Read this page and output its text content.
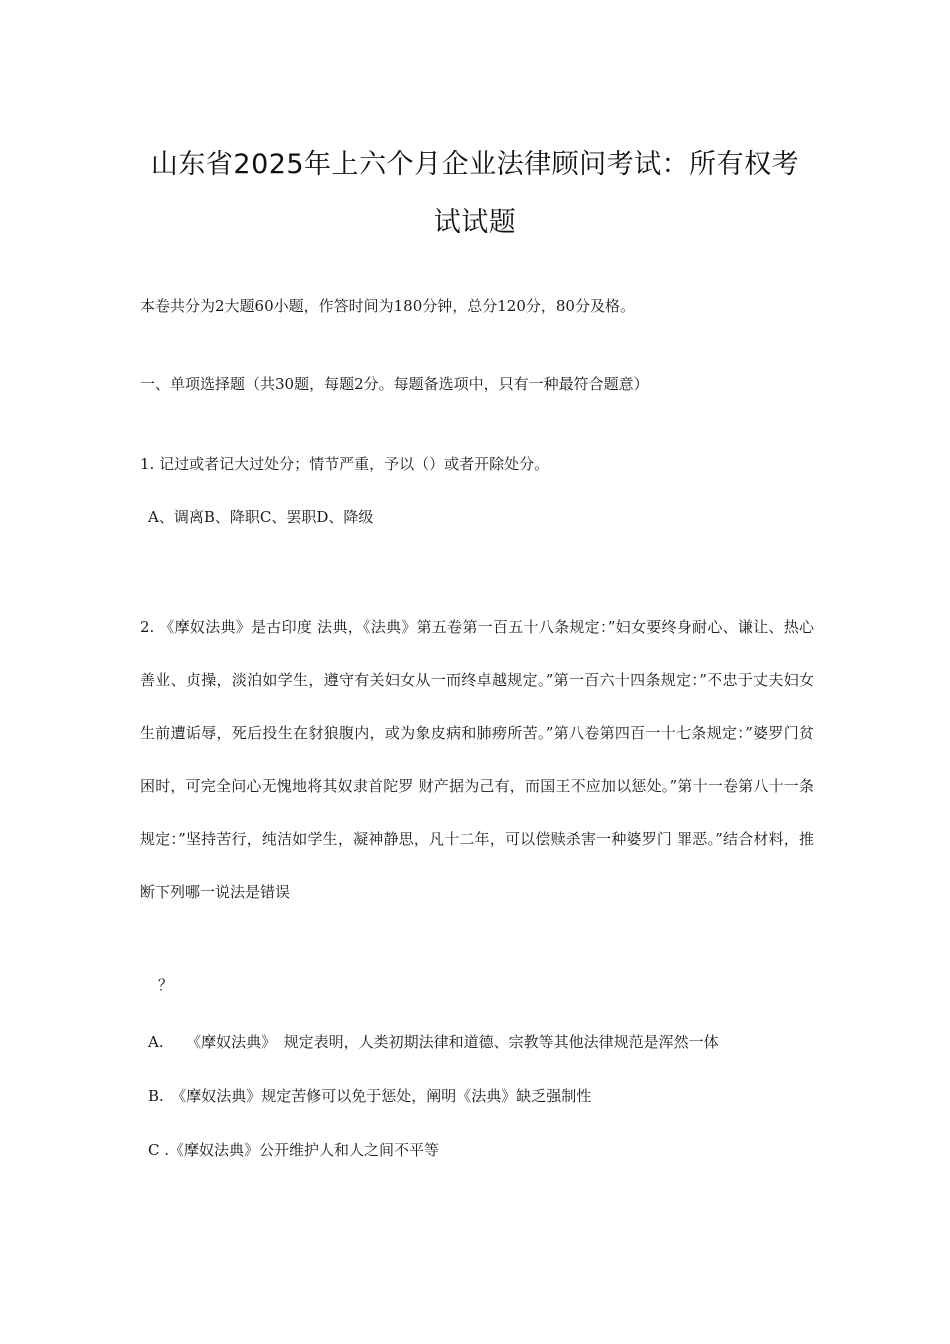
山东省2025年上六个月企业法律顾问考试：所有权考
试试题

本卷共分为2大题60小题，作答时间为180分钟，总分120分，80分及格。

一、单项选择题（共30题，每题2分。每题备选项中，只有一种最符合题意）

1. 记过或者记大过处分；情节严重，予以（）或者开除处分。

A、调离B、降职C、罢职D、降级

2. 《摩奴法典》是古印度 法典，《法典》第五卷第一百五十八条规定：”妇女要终身耐心、谦让、热心善业、贞操，淡泊如学生，遵守有关妇女从一而终卓越规定。”第一百六十四条规定：”不忠于丈夫妇女生前遭诟辱，死后投生在豺狼腹内，或为象皮病和肺痨所苦。”第八卷第四百一十七条规定：”婆罗门贫困时，可完全问心无愧地将其奴隶首陀罗 财产据为己有，而国王不应加以惩处。”第十一卷第八十一条规定：”坚持苦行，纯洁如学生，凝神静思，凡十二年，可以偿赎杀害一种婆罗门 罪恶。”结合材料，推断下列哪一说法是错误

？

A.　　《摩奴法典》　规定表明，人类初期法律和道德、宗教等其他法律规范是浑然一体

B.　《摩奴法典》规定苦修可以免于惩处，阐明《法典》缺乏强制性

C .《摩奴法典》公开维护人和人之间不平等
